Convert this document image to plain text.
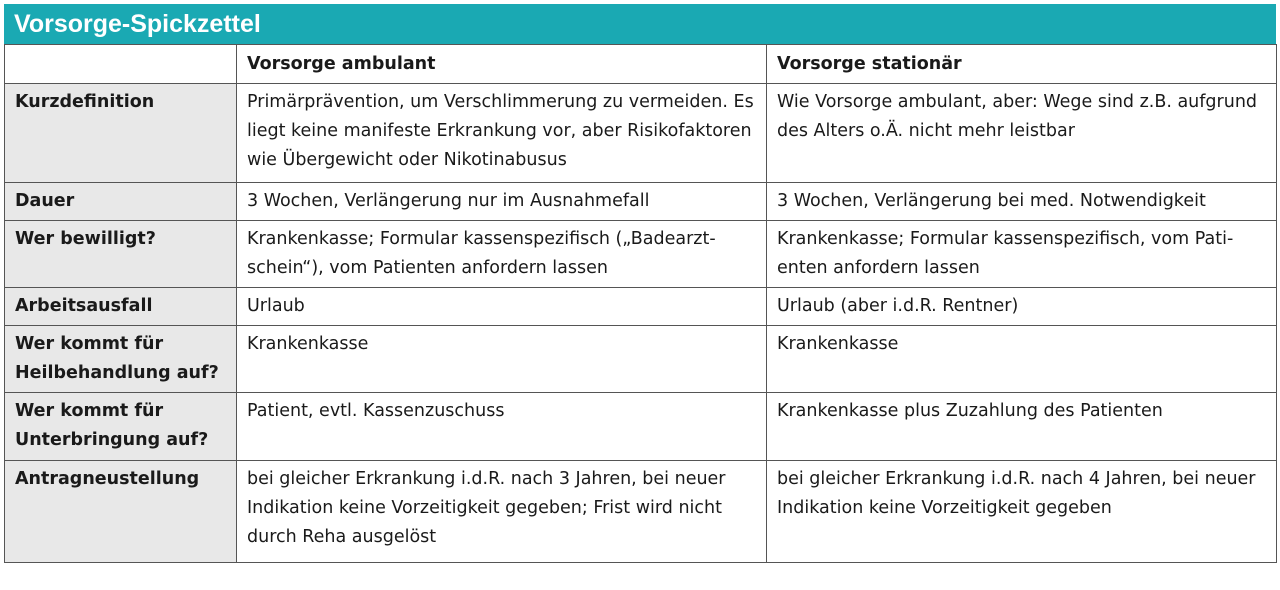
Vorsorge-Spickzettel
	Vorsorge ambulant	Vorsorge stationär
Kurzdefinition	Primärprävention, um Verschlimmerung zu vermeiden. Es liegt keine manifeste Erkrankung vor, aber Risikofaktoren wie Übergewicht oder Nikotinabusus	Wie Vorsorge ambulant, aber: Wege sind z.B. aufgrund des Alters o.Ä. nicht mehr leistbar
Dauer	3 Wochen, Verlängerung nur im Ausnahmefall	3 Wochen, Verlängerung bei med. Notwendigkeit
Wer bewilligt?	Krankenkasse; Formular kassenspezifisch („Badearztschein“), vom Patienten anfordern lassen	Krankenkasse; Formular kassenspezifisch, vom Patienten anfordern lassen
Arbeitsausfall	Urlaub	Urlaub (aber i.d.R. Rentner)
Wer kommt für Heilbehandlung auf?	Krankenkasse	Krankenkasse
Wer kommt für Unterbringung auf?	Patient, evtl. Kassenzuschuss	Krankenkasse plus Zuzahlung des Patienten
Antragneustellung	bei gleicher Erkrankung i.d.R. nach 3 Jahren, bei neuer Indikation keine Vorzeitigkeit gegeben; Frist wird nicht durch Reha ausgelöst	bei gleicher Erkrankung i.d.R. nach 4 Jahren, bei neuer Indikation keine Vorzeitigkeit gegeben
